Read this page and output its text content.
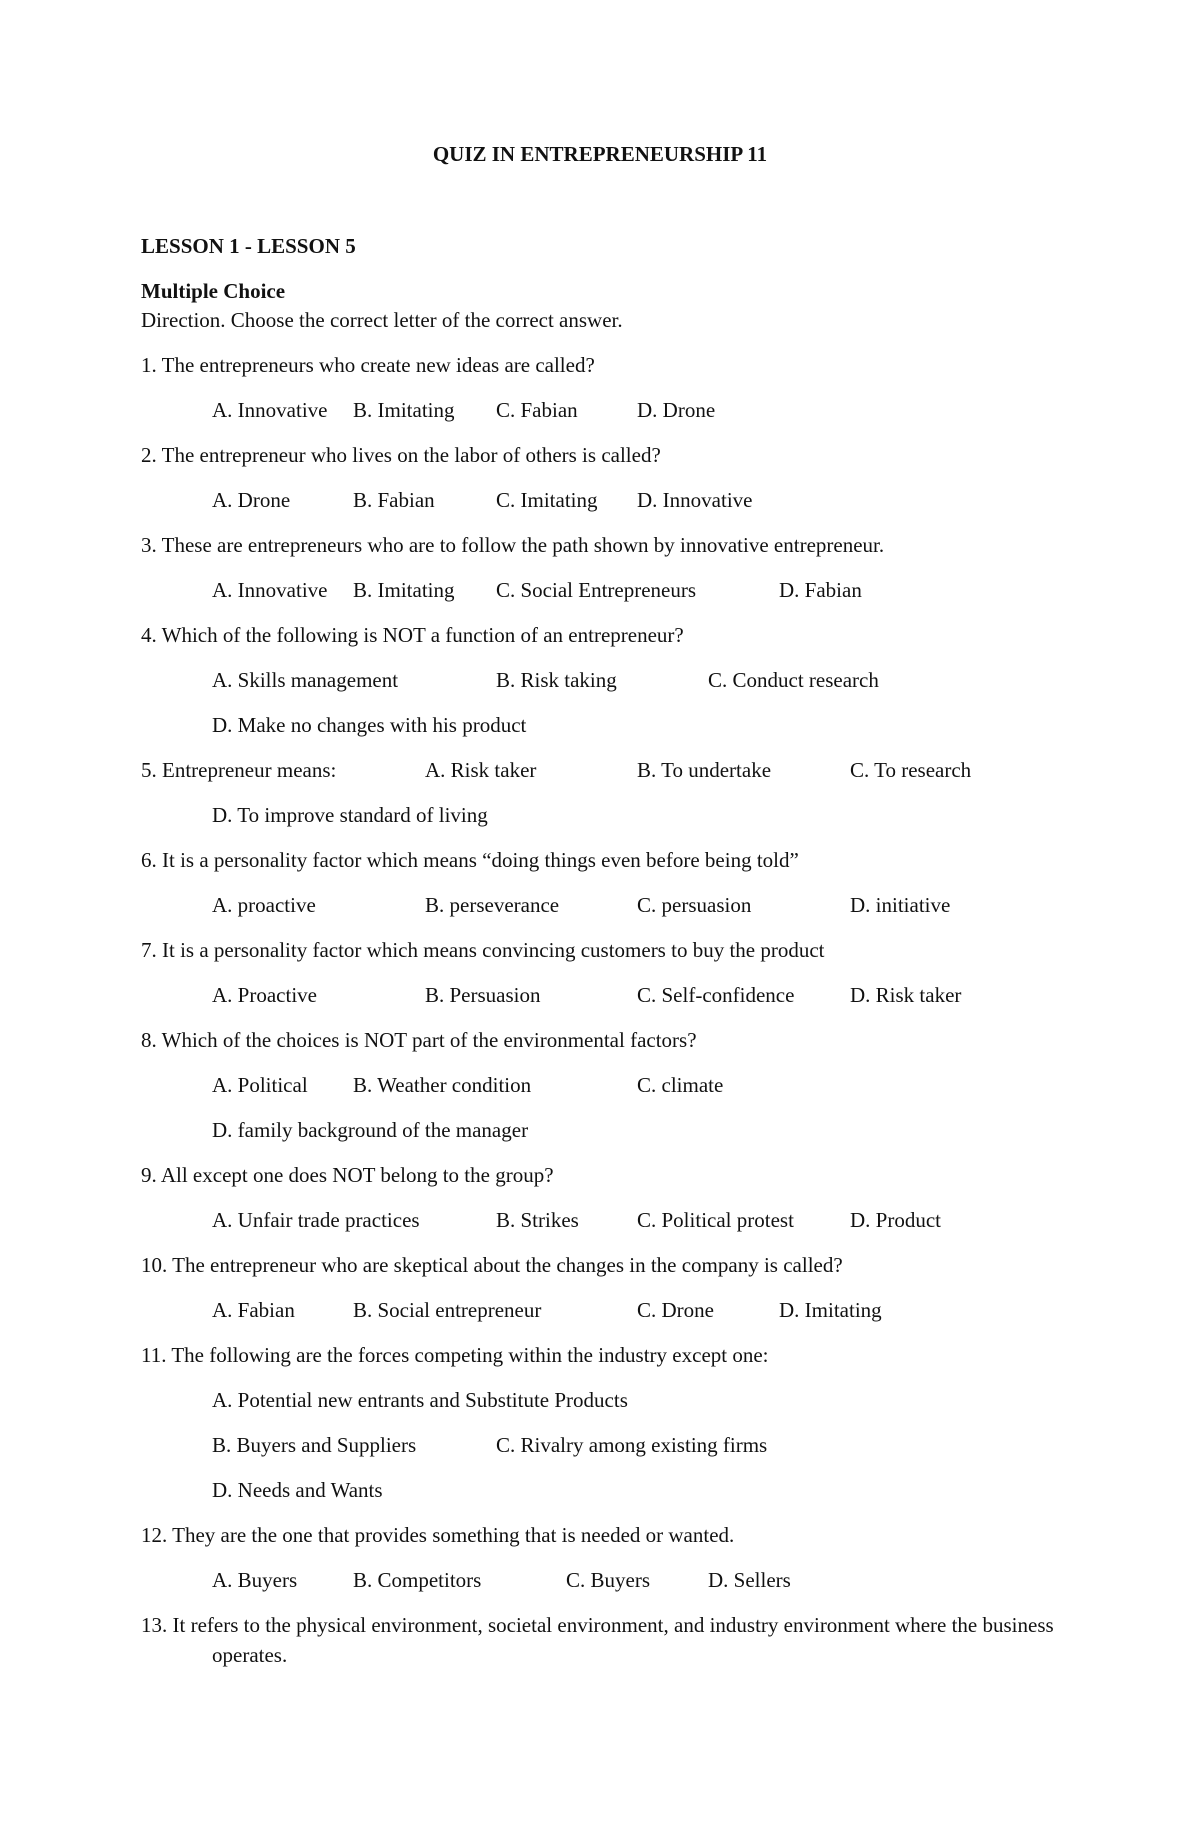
QUIZ IN ENTREPRENEURSHIP 11
LESSON 1 - LESSON 5
Multiple Choice
Direction. Choose the correct letter of the correct answer.
1. The entrepreneurs who create new ideas are called?
A. Innovative B. Imitating C. Fabian	D. Drone
2. The entrepreneur who lives on the labor of others is called?
A. Drone	B. Fabian	C. Imitating D. Innovative
3. These are entrepreneurs who are to follow the path shown by innovative entrepreneur.
A. Innovative B. Imitating C. Social Entrepreneurs	D. Fabian
4. Which of the following is NOT a function of an entrepreneur?
A. Skills management	B. Risk taking	C. Conduct research
D. Make no changes with his product
5. Entrepreneur means:	A. Risk taker	B. To undertake	C. To research
D. To improve standard of living
6. It is a personality factor which means “doing things even before being told”
A. proactive	B. perseverance	C. persuasion	D. initiative
7. It is a personality factor which means convincing customers to buy the product
A. Proactive	B. Persuasion	C. Self-confidence	D. Risk taker
8. Which of the choices is NOT part of the environmental factors?
A. Political B. Weather condition	C. climate
D. family background of the manager
9. All except one does NOT belong to the group?
A. Unfair trade practices	B. Strikes	C. Political protest	D. Product
10. The entrepreneur who are skeptical about the changes in the company is called?
A. Fabian	B. Social entrepreneur	C. Drone	D. Imitating
11. The following are the forces competing within the industry except one:
A. Potential new entrants and Substitute Products
B. Buyers and Suppliers	C. Rivalry among existing firms
D. Needs and Wants
12. They are the one that provides something that is needed or wanted.
A. Buyers	B. Competitors	C. Buyers	D. Sellers
13. It refers to the physical environment, societal environment, and industry environment where the business operates.
